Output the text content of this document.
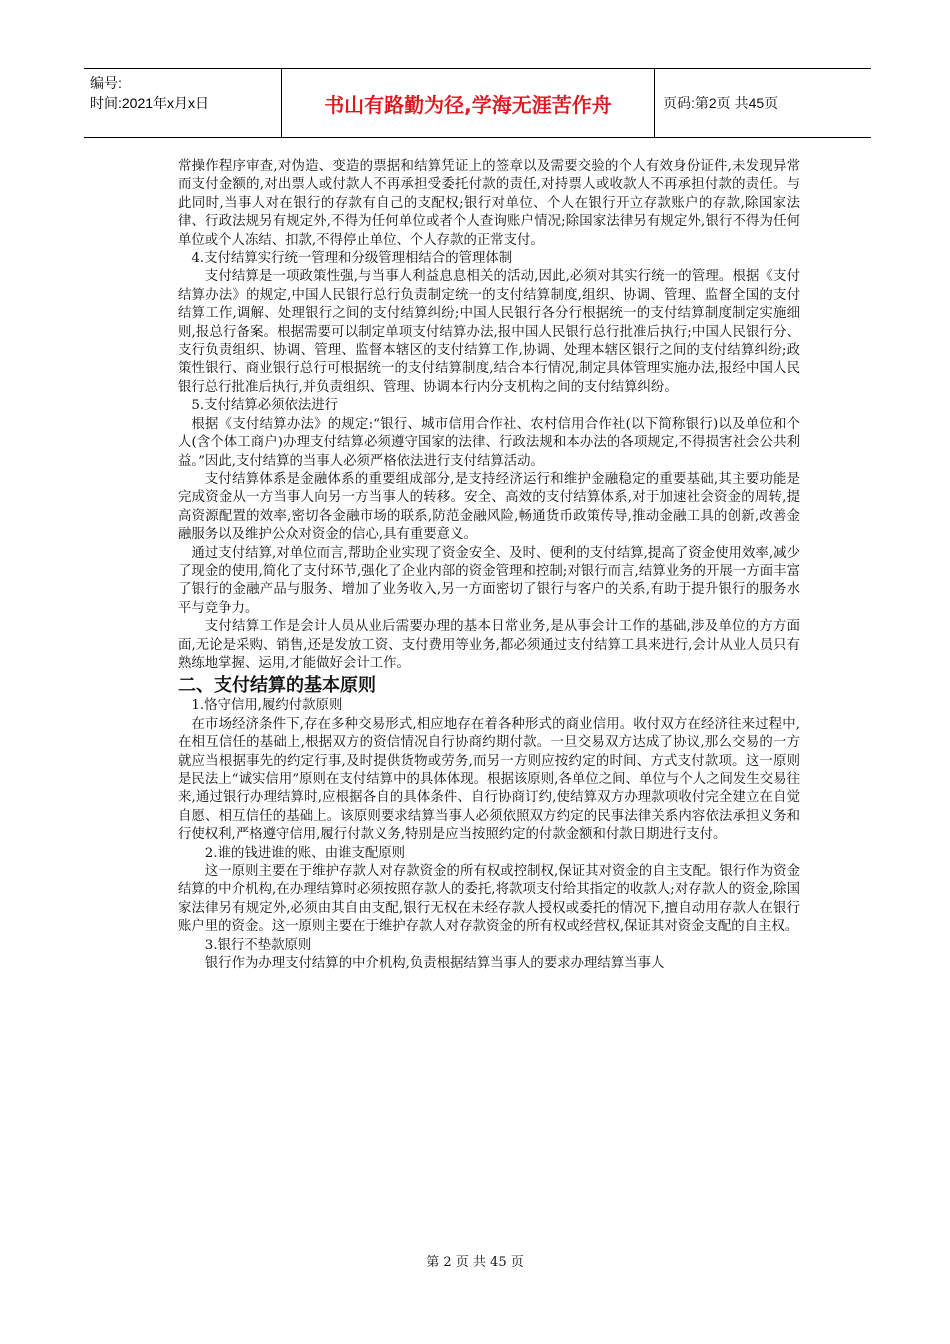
编号:
时间:2021年x月x日	书山有路勤为径,学海无涯苦作舟	页码:第2页 共45页

常操作程序审查,对伪造、变造的票据和结算凭证上的签章以及需要交验的个人有效身份证件,未发现异常而支付金额的,对出票人或付款人不再承担受委托付款的责任,对持票人或收款人不再承担付款的责任。与此同时,当事人对在银行的存款有自己的支配权;银行对单位、个人在银行开立存款账户的存款,除国家法律、行政法规另有规定外,不得为任何单位或者个人查询账户情况;除国家法律另有规定外,银行不得为任何单位或个人冻结、扣款,不得停止单位、个人存款的正常支付。

4.支付结算实行统一管理和分级管理相结合的管理体制

支付结算是一项政策性强,与当事人利益息息相关的活动,因此,必须对其实行统一的管理。根据《支付结算办法》的规定,中国人民银行总行负责制定统一的支付结算制度,组织、协调、管理、监督全国的支付结算工作,调解、处理银行之间的支付结算纠纷;中国人民银行各分行根据统一的支付结算制度制定实施细则,报总行备案。根据需要可以制定单项支付结算办法,报中国人民银行总行批准后执行;中国人民银行分、支行负责组织、协调、管理、监督本辖区的支付结算工作,协调、处理本辖区银行之间的支付结算纠纷;政策性银行、商业银行总行可根据统一的支付结算制度,结合本行情况,制定具体管理实施办法,报经中国人民银行总行批准后执行,并负责组织、管理、协调本行内分支机构之间的支付结算纠纷。

5.支付结算必须依法进行

根据《支付结算办法》的规定:“银行、城市信用合作社、农村信用合作社(以下简称银行)以及单位和个人(含个体工商户)办理支付结算必须遵守国家的法律、行政法规和本办法的各项规定,不得损害社会公共利益。”因此,支付结算的当事人必须严格依法进行支付结算活动。

支付结算体系是金融体系的重要组成部分,是支持经济运行和维护金融稳定的重要基础,其主要功能是完成资金从一方当事人向另一方当事人的转移。安全、高效的支付结算体系,对于加速社会资金的周转,提高资源配置的效率,密切各金融市场的联系,防范金融风险,畅通货币政策传导,推动金融工具的创新,改善金融服务以及维护公众对资金的信心,具有重要意义。

通过支付结算,对单位而言,帮助企业实现了资金安全、及时、便利的支付结算,提高了资金使用效率,减少了现金的使用,简化了支付环节,强化了企业内部的资金管理和控制;对银行而言,结算业务的开展一方面丰富了银行的金融产品与服务、增加了业务收入,另一方面密切了银行与客户的关系,有助于提升银行的服务水平与竞争力。

支付结算工作是会计人员从业后需要办理的基本日常业务,是从事会计工作的基础,涉及单位的方方面面,无论是采购、销售,还是发放工资、支付费用等业务,都必须通过支付结算工具来进行,会计从业人员只有熟练地掌握、运用,才能做好会计工作。

二、支付结算的基本原则

1.恪守信用,履约付款原则

在市场经济条件下,存在多种交易形式,相应地存在着各种形式的商业信用。收付双方在经济往来过程中,在相互信任的基础上,根据双方的资信情况自行协商约期付款。一旦交易双方达成了协议,那么交易的一方就应当根据事先的约定行事,及时提供货物或劳务,而另一方则应按约定的时间、方式支付款项。这一原则是民法上“诚实信用”原则在支付结算中的具体体现。根据该原则,各单位之间、单位与个人之间发生交易往来,通过银行办理结算时,应根据各自的具体条件、自行协商订约,使结算双方办理款项收付完全建立在自觉自愿、相互信任的基础上。该原则要求结算当事人必须依照双方约定的民事法律关系内容依法承担义务和行使权利,严格遵守信用,履行付款义务,特别是应当按照约定的付款金额和付款日期进行支付。

2.谁的钱进谁的账、由谁支配原则

这一原则主要在于维护存款人对存款资金的所有权或控制权,保证其对资金的自主支配。银行作为资金结算的中介机构,在办理结算时必须按照存款人的委托,将款项支付给其指定的收款人;对存款人的资金,除国家法律另有规定外,必须由其自由支配,银行无权在未经存款人授权或委托的情况下,擅自动用存款人在银行账户里的资金。这一原则主要在于维护存款人对存款资金的所有权或经营权,保证其对资金支配的自主权。

3.银行不垫款原则

银行作为办理支付结算的中介机构,负责根据结算当事人的要求办理结算当事人

第 2 页 共 45 页
